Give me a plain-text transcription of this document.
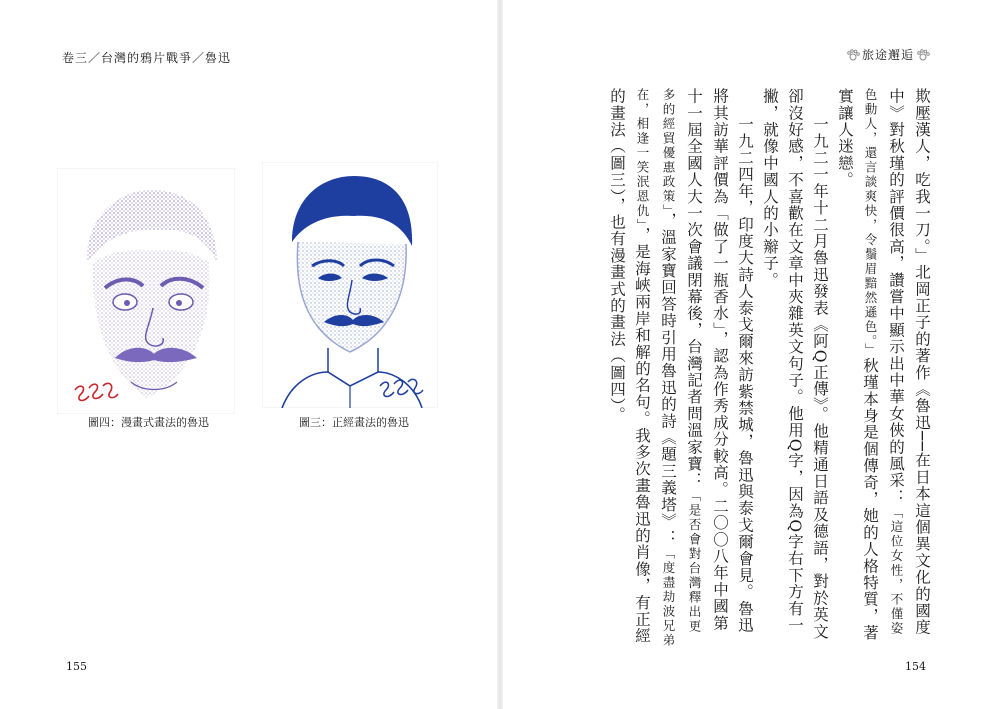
卷三／台灣的鴉片戰爭／魯迅
圖四：漫畫式畫法的魯迅	圖三：正經畫法的魯迅
155
旅途邂逅

欺壓漢人，吃我一刀。」北岡正子的著作《魯迅──在日本這個異文化的國度中》對秋瑾的評價很高，讚嘗中顯示出中華女俠的風采：「這位女性，不僅姿色動人，還言談爽快，令鬚眉黯然遜色。」秋瑾本身是個傳奇，她的人格特質，著實讓人迷戀。

一九二一年十二月魯迅發表《阿Q正傳》。他精通日語及德語，對於英文卻沒好感，不喜歡在文章中夾雜英文句子。他用Q字，因為Q字右下方有一撇，就像中國人的小辮子。

一九二四年，印度大詩人泰戈爾來訪紫禁城，魯迅與泰戈爾會見。魯迅將其訪華評價為「做了一瓶香水」，認為作秀成分較高。二〇〇八年中國第十一屆全國人大一次會議閉幕後，台灣記者問溫家寶：「是否會對台灣釋出更多的經貿優惠政策」，溫家寶回答時引用魯迅的詩《題三義塔》：「度盡劫波兄弟在，相逢一笑泯恩仇」，是海峽兩岸和解的名句。我多次畫魯迅的肖像，有正經的畫法（圖三），也有漫畫式的畫法（圖四）。

154
